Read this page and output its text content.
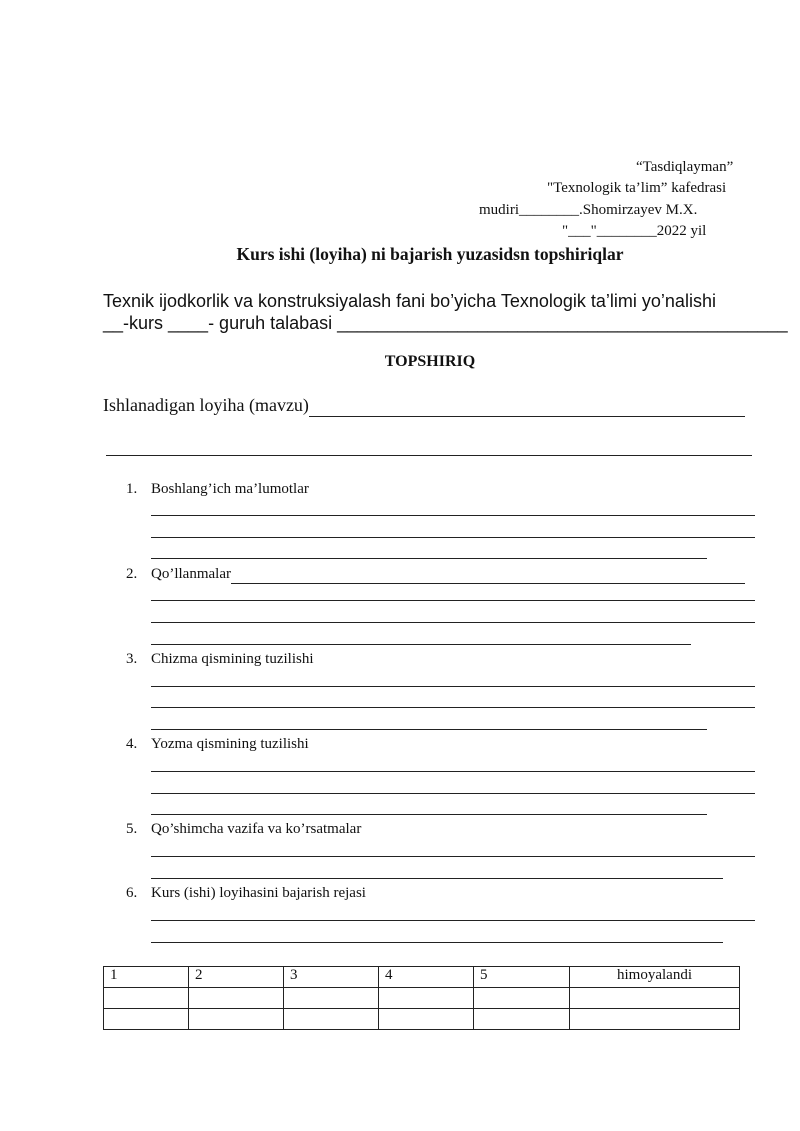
“Tasdiqlayman”
"Texnologik ta’lim” kafedrasi
mudiri________.Shomirzayev M.X.
"___"________2022 yil
Kurs ishi (loyiha) ni bajarish yuzasidsn topshiriqlar
Texnik ijodkorlik va konstruksiyalash fani bo’yicha Texnologik ta’limi yo’nalishi
__-kurs ____- guruh talabasi _____________________________________________
TOPSHIRIQ
Ishlanadigan loyiha (mavzu)
1. Boshlang’ich ma’lumotlar
2. Qo’llanmalar
3. Chizma qismining tuzilishi
4. Yozma qismining tuzilishi
5. Qo’shimcha vazifa va ko’rsatmalar
6. Kurs (ishi) loyihasini bajarish rejasi
1	2	3	4	5	himoyalandi
